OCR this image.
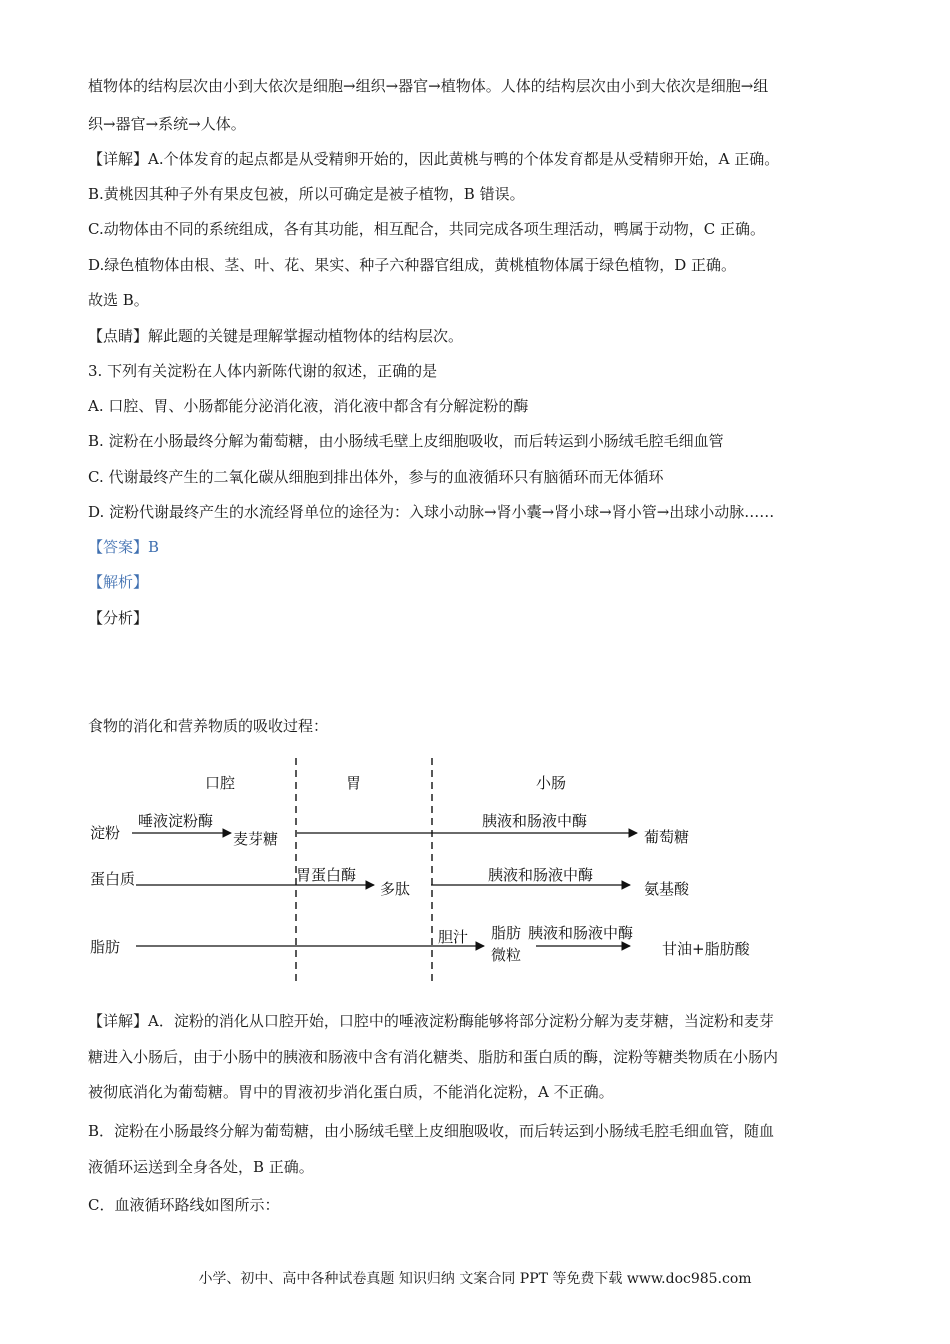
植物体的结构层次由小到大依次是细胞→组织→器官→植物体。人体的结构层次由小到大依次是细胞→组
织→器官→系统→人体。
【详解】A.个体发育的起点都是从受精卵开始的，因此黄桃与鸭的个体发育都是从受精卵开始，A 正确。
B.黄桃因其种子外有果皮包被，所以可确定是被子植物，B 错误。
C.动物体由不同的系统组成，各有其功能，相互配合，共同完成各项生理活动，鸭属于动物，C 正确。
D.绿色植物体由根、茎、叶、花、果实、种子六种器官组成，黄桃植物体属于绿色植物，D 正确。
故选 B。
【点睛】解此题的关键是理解掌握动植物体的结构层次。
3. 下列有关淀粉在人体内新陈代谢的叙述，正确的是
A. 口腔、胃、小肠都能分泌消化液，消化液中都含有分解淀粉的酶
B. 淀粉在小肠最终分解为葡萄糖，由小肠绒毛壁上皮细胞吸收，而后转运到小肠绒毛腔毛细血管
C. 代谢最终产生的二氧化碳从细胞到排出体外，参与的血液循环只有脑循环而无体循环
D. 淀粉代谢最终产生的水流经肾单位的途径为：入球小动脉→肾小囊→肾小球→肾小管→出球小动脉……
【答案】B
【解析】
【分析】
食物的消化和营养物质的吸收过程：
【详解】A．淀粉的消化从口腔开始，口腔中的唾液淀粉酶能够将部分淀粉分解为麦芽糖，当淀粉和麦芽
糖进入小肠后，由于小肠中的胰液和肠液中含有消化糖类、脂肪和蛋白质的酶，淀粉等糖类物质在小肠内
被彻底消化为葡萄糖。胃中的胃液初步消化蛋白质，不能消化淀粉，A 不正确。
B．淀粉在小肠最终分解为葡萄糖，由小肠绒毛壁上皮细胞吸收，而后转运到小肠绒毛腔毛细血管，随血
液循环运送到全身各处，B 正确。
C．血液循环路线如图所示：
口腔	胃	小肠
淀粉
唾液淀粉酶
麦芽糖
胰液和肠液中酶
葡萄糖
蛋白质	胃蛋白酶
多肽
胰液和肠液中酶
氨基酸
脂肪
胆汁 脂肪
微粒
胰液和肠液中酶
甘油+脂肪酸
小学、初中、高中各种试卷真题 知识归纳 文案合同 PPT 等免费下载 www.doc985.com
